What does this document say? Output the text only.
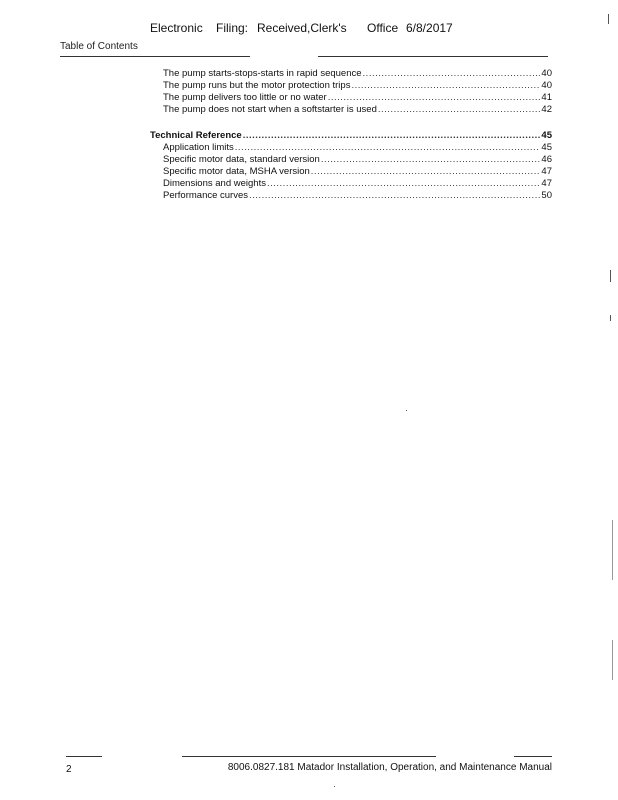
Electronic Filing: Received,Clerk's Office 6/8/2017
Table of Contents
The pump starts-stops-starts in rapid sequence .....	40
The pump runs but the motor protection trips .....	40
The pump delivers too little or no water .....	41
The pump does not start when a softstarter is used .....	42
Technical Reference .....	45
Application limits .....	45
Specific motor data, standard version .....	46
Specific motor data, MSHA version .....	47
Dimensions and weights .....	47
Performance curves .....	50
2	8006.0827.181 Matador Installation, Operation, and Maintenance Manual
